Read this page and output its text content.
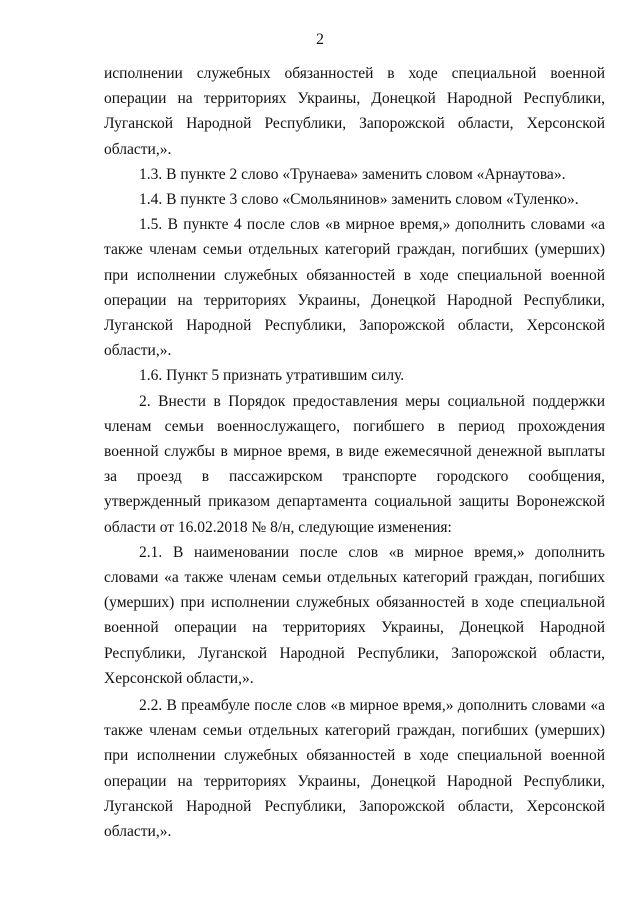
2

исполнении служебных обязанностей в ходе специальной военной операции на территориях Украины, Донецкой Народной Республики, Луганской Народной Республики, Запорожской области, Херсонской области,».

1.3. В пункте 2 слово «Трунаева» заменить словом «Арнаутова».

1.4. В пункте 3 слово «Смольянинов» заменить словом «Туленко».

1.5. В пункте 4 после слов «в мирное время,» дополнить словами «а также членам семьи отдельных категорий граждан, погибших (умерших) при исполнении служебных обязанностей в ходе специальной военной операции на территориях Украины, Донецкой Народной Республики, Луганской Народной Республики, Запорожской области, Херсонской области,».

1.6. Пункт 5 признать утратившим силу.

2. Внести в Порядок предоставления меры социальной поддержки членам семьи военнослужащего, погибшего в период прохождения военной службы в мирное время, в виде ежемесячной денежной выплаты за проезд в пассажирском транспорте городского сообщения, утвержденный приказом департамента социальной защиты Воронежской области от 16.02.2018 № 8/н, следующие изменения:

2.1. В наименовании после слов «в мирное время,» дополнить словами «а также членам семьи отдельных категорий граждан, погибших (умерших) при исполнении служебных обязанностей в ходе специальной военной операции на территориях Украины, Донецкой Народной Республики, Луганской Народной Республики, Запорожской области, Херсонской области,».

2.2. В преамбуле после слов «в мирное время,» дополнить словами «а также членам семьи отдельных категорий граждан, погибших (умерших) при исполнении служебных обязанностей в ходе специальной военной операции на территориях Украины, Донецкой Народной Республики, Луганской Народной Республики, Запорожской области, Херсонской области,».
